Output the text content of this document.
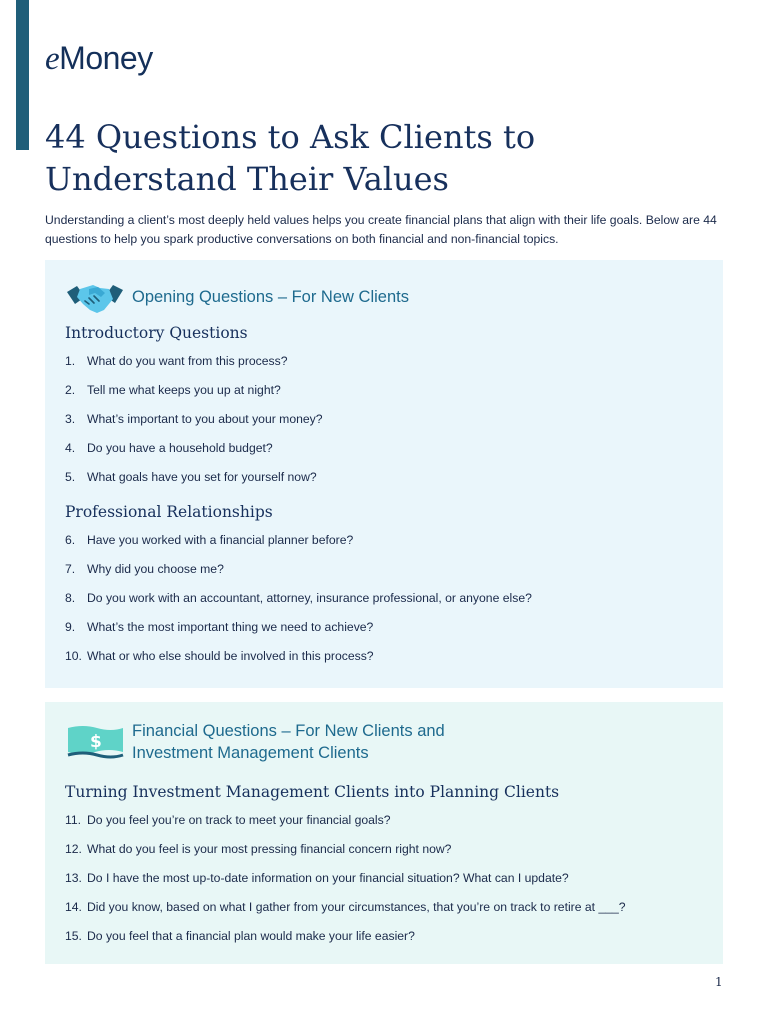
eMoney
44 Questions to Ask Clients to Understand Their Values

Understanding a client’s most deeply held values helps you create financial plans that align with their life goals. Below are 44 questions to help you spark productive conversations on both financial and non-financial topics.

Opening Questions – For New Clients
Introductory Questions
1. What do you want from this process?
2. Tell me what keeps you up at night?
3. What’s important to you about your money?
4. Do you have a household budget?
5. What goals have you set for yourself now?
Professional Relationships
6. Have you worked with a financial planner before?
7. Why did you choose me?
8. Do you work with an accountant, attorney, insurance professional, or anyone else?
9. What’s the most important thing we need to achieve?
10. What or who else should be involved in this process?
$
Financial Questions – For New Clients and
Investment Management Clients
Turning Investment Management Clients into Planning Clients
11. Do you feel you’re on track to meet your financial goals?
12. What do you feel is your most pressing financial concern right now?
13. Do I have the most up-to-date information on your financial situation? What can I update?
14. Did you know, based on what I gather from your circumstances, that you’re on track to retire at ___?
15. Do you feel that a financial plan would make your life easier?
1
